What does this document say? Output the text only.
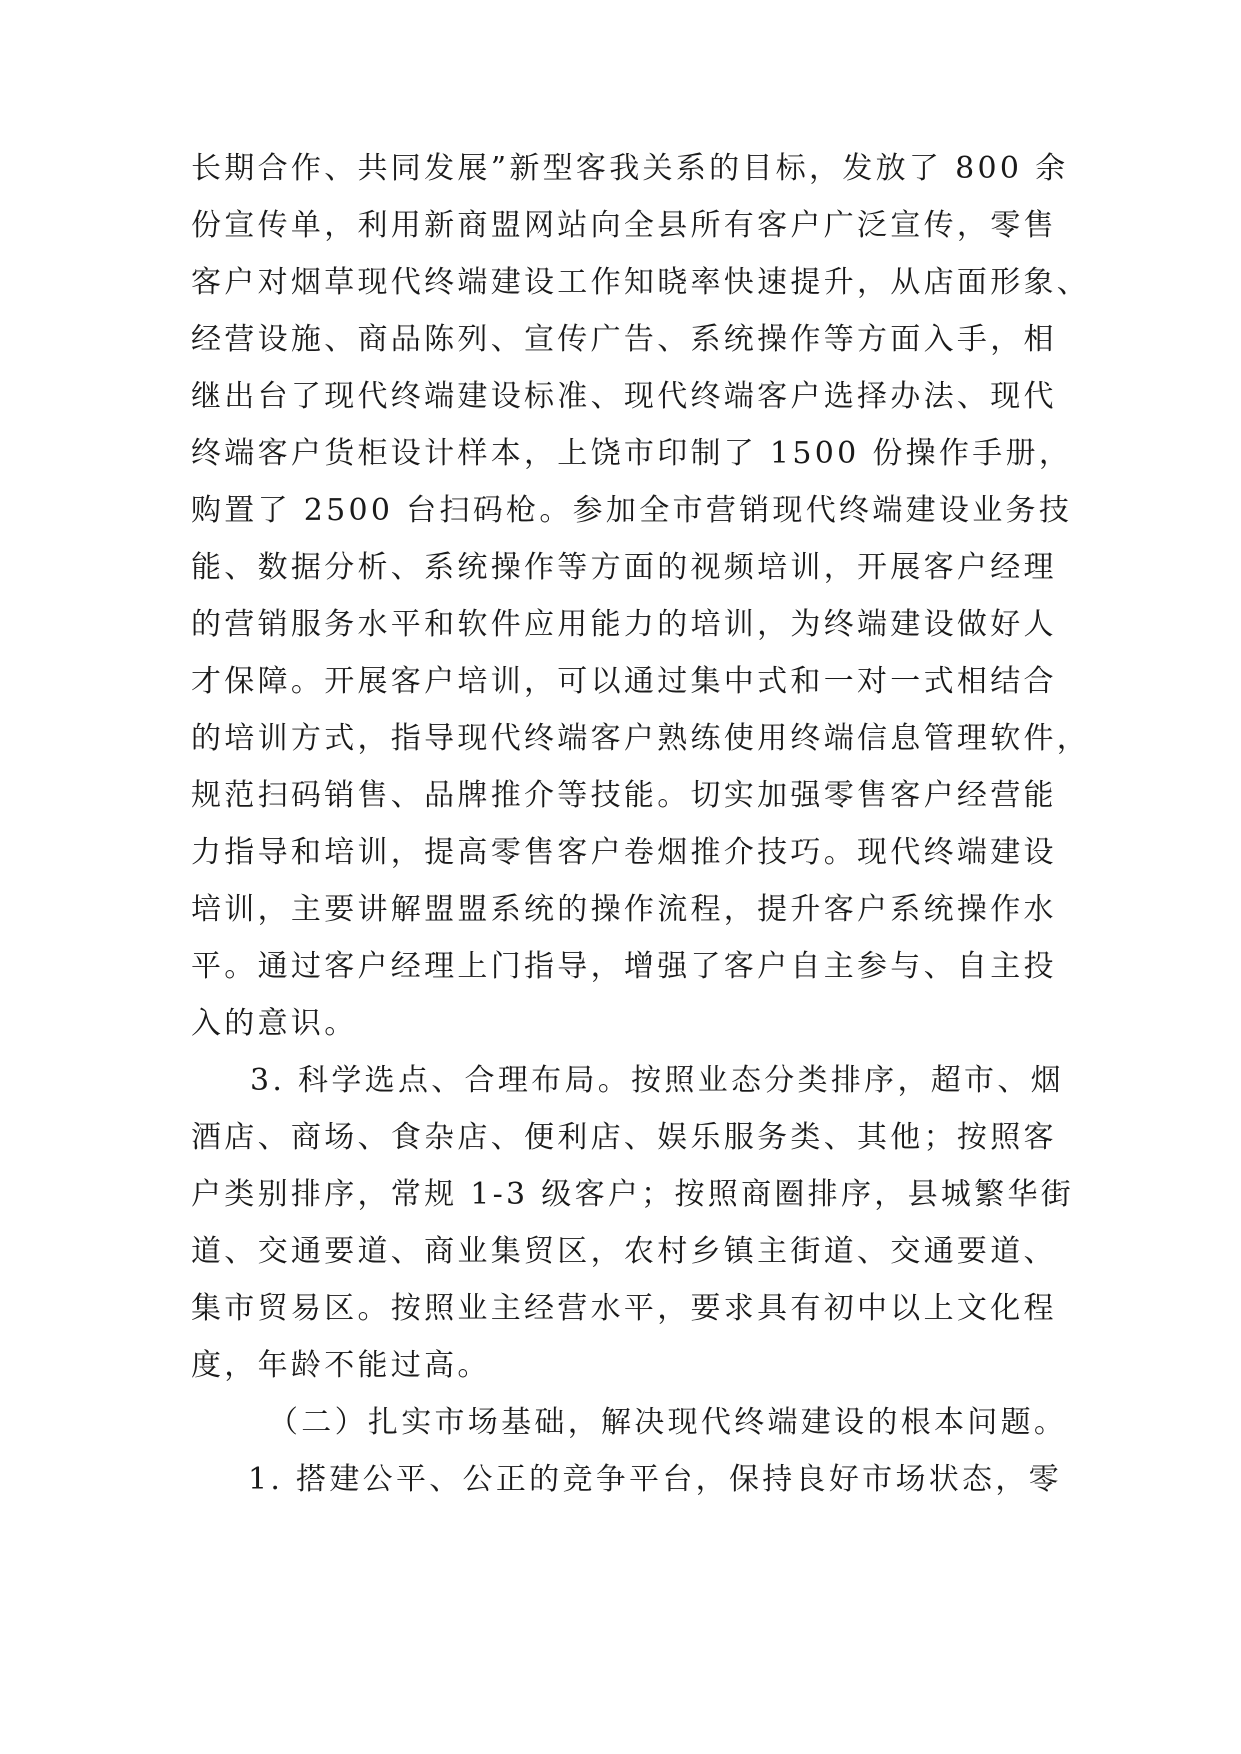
长期合作、共同发展”新型客我关系的目标，发放了 800 余
份宣传单，利用新商盟网站向全县所有客户广泛宣传，零售
客户对烟草现代终端建设工作知晓率快速提升，从店面形象、
经营设施、商品陈列、宣传广告、系统操作等方面入手，相
继出台了现代终端建设标准、现代终端客户选择办法、现代
终端客户货柜设计样本，上饶市印制了 1500 份操作手册，
购置了 2500 台扫码枪。参加全市营销现代终端建设业务技
能、数据分析、系统操作等方面的视频培训，开展客户经理
的营销服务水平和软件应用能力的培训，为终端建设做好人
才保障。开展客户培训，可以通过集中式和一对一式相结合
的培训方式，指导现代终端客户熟练使用终端信息管理软件，
规范扫码销售、品牌推介等技能。切实加强零售客户经营能
力指导和培训，提高零售客户卷烟推介技巧。现代终端建设
培训，主要讲解盟盟系统的操作流程，提升客户系统操作水
平。通过客户经理上门指导，增强了客户自主参与、自主投
入的意识。
3. 科学选点、合理布局。按照业态分类排序，超市、烟
酒店、商场、食杂店、便利店、娱乐服务类、其他；按照客
户类别排序，常规 1-3 级客户；按照商圈排序，县城繁华街
道、交通要道、商业集贸区，农村乡镇主街道、交通要道、
集市贸易区。按照业主经营水平，要求具有初中以上文化程
度，年龄不能过高。
（二）扎实市场基础，解决现代终端建设的根本问题。
1. 搭建公平、公正的竞争平台，保持良好市场状态，零
